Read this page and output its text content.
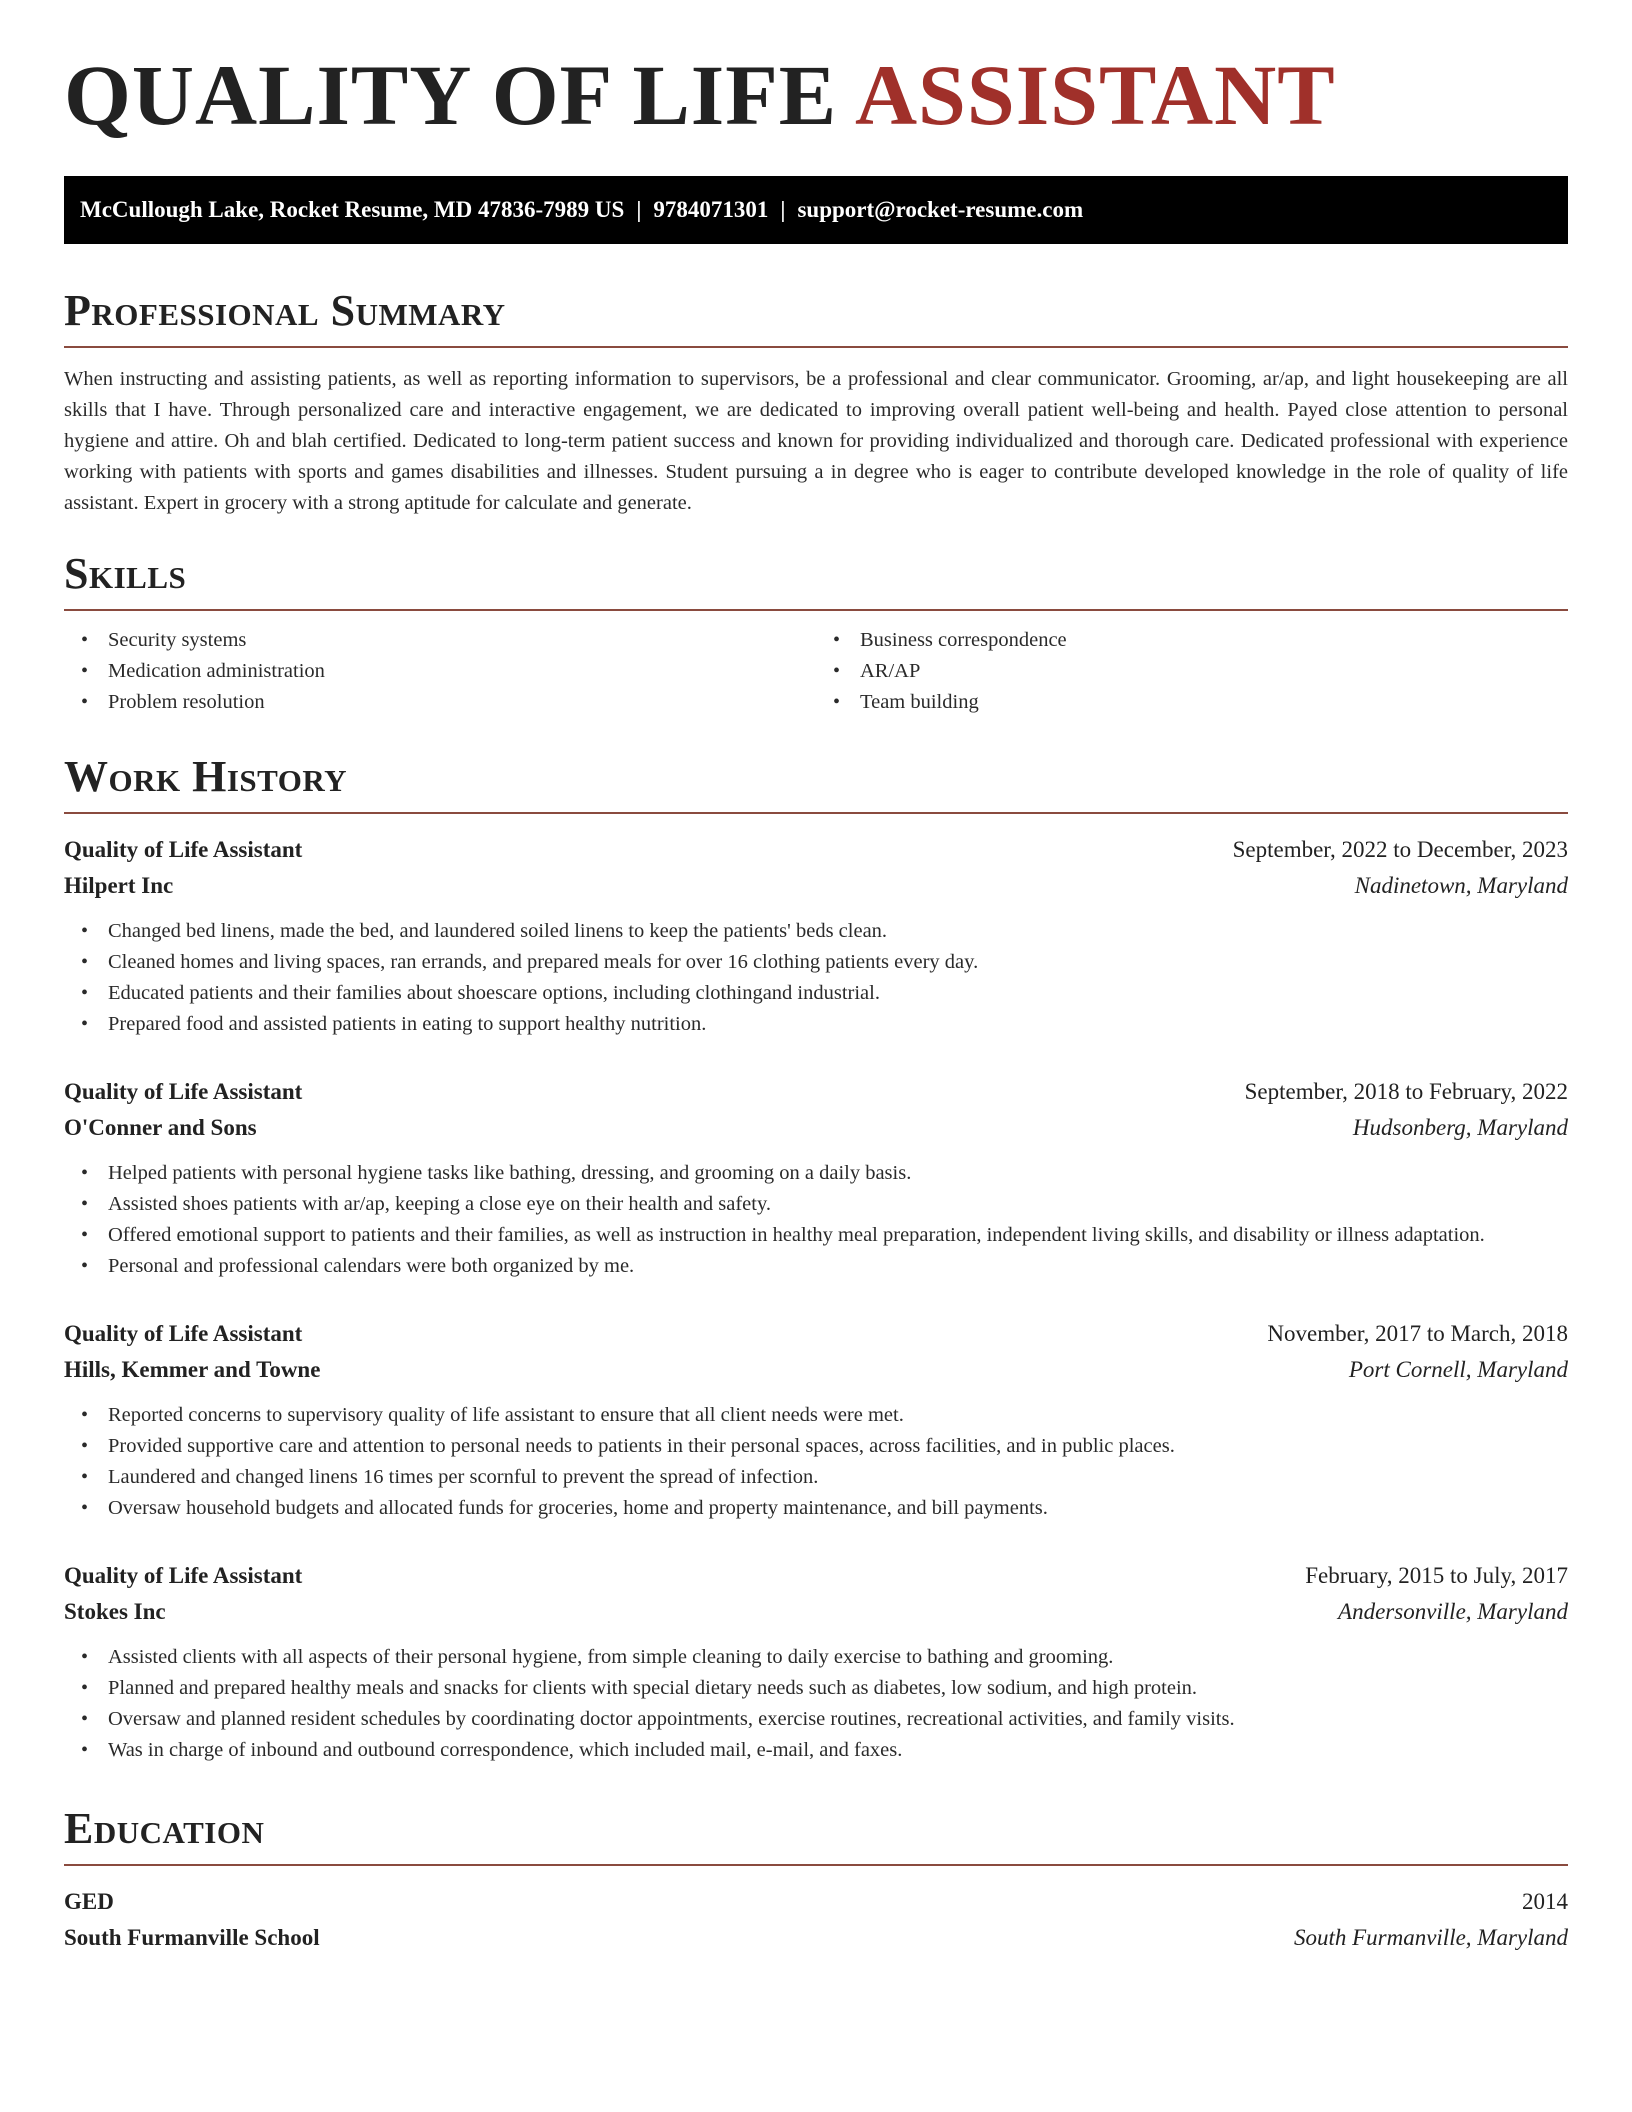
QUALITY OF LIFE ASSISTANT
McCullough Lake, Rocket Resume, MD 47836-7989 US | 9784071301 | support@rocket-resume.com
Professional Summary

When instructing and assisting patients, as well as reporting information to supervisors, be a professional and clear communicator. Grooming, ar/ap, and light housekeeping are all skills that I have. Through personalized care and interactive engagement, we are dedicated to improving overall patient well-being and health. Payed close attention to personal hygiene and attire. Oh and blah certified. Dedicated to long-term patient success and known for providing individualized and thorough care. Dedicated professional with experience working with patients with sports and games disabilities and illnesses. Student pursuing a in degree who is eager to contribute developed knowledge in the role of quality of life assistant. Expert in grocery with a strong aptitude for calculate and generate.

Skills
• Security systems
• Medication administration
• Problem resolution
• Business correspondence
• AR/AP
• Team building
Work History
Quality of Life Assistant	September, 2022 to December, 2023
Hilpert Inc	Nadinetown, Maryland
• Changed bed linens, made the bed, and laundered soiled linens to keep the patients' beds clean.
• Cleaned homes and living spaces, ran errands, and prepared meals for over 16 clothing patients every day.
• Educated patients and their families about shoescare options, including clothingand industrial.
• Prepared food and assisted patients in eating to support healthy nutrition.
Quality of Life Assistant	September, 2018 to February, 2022
O'Conner and Sons	Hudsonberg, Maryland
• Helped patients with personal hygiene tasks like bathing, dressing, and grooming on a daily basis.
• Assisted shoes patients with ar/ap, keeping a close eye on their health and safety.
• Offered emotional support to patients and their families, as well as instruction in healthy meal preparation, independent living skills, and disability or illness adaptation.
• Personal and professional calendars were both organized by me.
Quality of Life Assistant	November, 2017 to March, 2018
Hills, Kemmer and Towne	Port Cornell, Maryland
• Reported concerns to supervisory quality of life assistant to ensure that all client needs were met.
• Provided supportive care and attention to personal needs to patients in their personal spaces, across facilities, and in public places.
• Laundered and changed linens 16 times per scornful to prevent the spread of infection.
• Oversaw household budgets and allocated funds for groceries, home and property maintenance, and bill payments.
Quality of Life Assistant	February, 2015 to July, 2017
Stokes Inc	Andersonville, Maryland
• Assisted clients with all aspects of their personal hygiene, from simple cleaning to daily exercise to bathing and grooming.
• Planned and prepared healthy meals and snacks for clients with special dietary needs such as diabetes, low sodium, and high protein.
• Oversaw and planned resident schedules by coordinating doctor appointments, exercise routines, recreational activities, and family visits.
• Was in charge of inbound and outbound correspondence, which included mail, e-mail, and faxes.
Education
GED	2014
South Furmanville School	South Furmanville, Maryland
